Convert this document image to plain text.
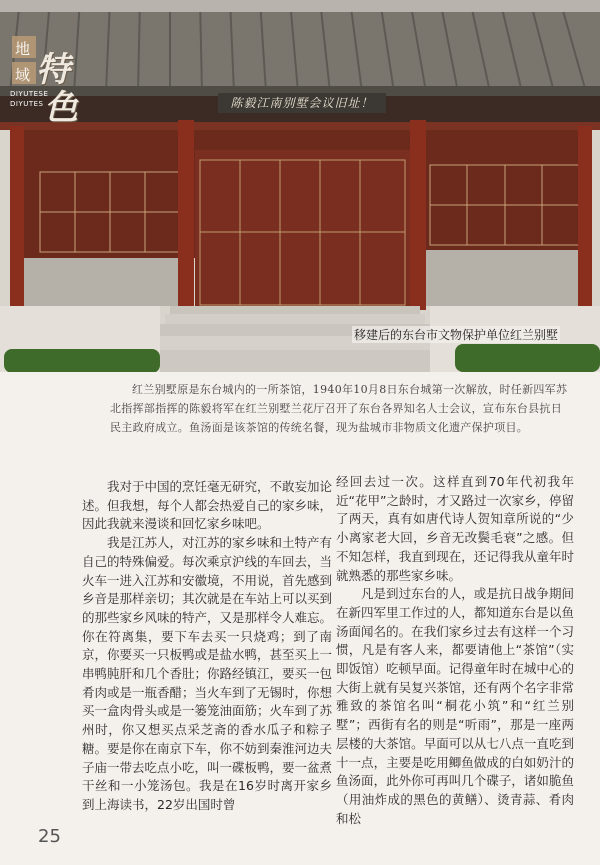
地
域 特
色
DIYUTESE
DIYUTES	陈毅江南别墅会议旧址！
移建后的东台市文物保护单位红兰别墅
红兰别墅原是东台城内的一所茶馆，1940年10月8日东台城第一次解放，时任新四军苏北指挥部指挥的陈毅将军在红兰别墅兰花厅召开了东台各界知名人士会议，宣布东台县抗日民主政府成立。鱼汤面是该茶馆的传统名餐，现为盐城市非物质文化遗产保护项目。

我对于中国的烹饪毫无研究，不敢妄加论述。但我想，每个人都会热爱自己的家乡味，因此我就来漫谈和回忆家乡味吧。

我是江苏人，对江苏的家乡味和土特产有自己的特殊偏爱。每次乘京沪线的车回去，当火车一进入江苏和安徽境，不用说，首先感到乡音是那样亲切；其次就是在车站上可以买到的那些家乡风味的特产，又是那样令人难忘。你在符离集，要下车去买一只烧鸡；到了南京，你要买一只板鸭或是盐水鸭，甚至买上一串鸭肫肝和几个香肚；你路经镇江，要买一包肴肉或是一瓶香醋；当火车到了无锡时，你想买一盒肉骨头或是一篓笼油面筋；火车到了苏州时，你又想买点采芝斋的香水瓜子和粽子糖。要是你在南京下车，你不妨到秦淮河边夫子庙一带去吃点小吃，叫一碟板鸭，要一盆煮干丝和一小笼汤包。我是在16岁时离开家乡到上海读书，22岁出国时曾

经回去过一次。这样直到70年代初我年近“花甲”之龄时，才又路过一次家乡，停留了两天，真有如唐代诗人贺知章所说的“少小离家老大回，乡音无改鬓毛衰”之感。但不知怎样，我直到现在，还记得我从童年时就熟悉的那些家乡味。

凡是到过东台的人，或是抗日战争期间在新四军里工作过的人，都知道东台是以鱼汤面闻名的。在我们家乡过去有这样一个习惯，凡是有客人来，都要请他上“茶馆”（实即饭馆）吃顿早面。记得童年时在城中心的大街上就有吴复兴茶馆，还有两个名字非常雅致的茶馆名叫“桐花小筑”和“红兰别墅”；西街有名的则是“听雨”，那是一座两层楼的大茶馆。早面可以从七八点一直吃到十一点，主要是吃用鲫鱼做成的白如奶汁的鱼汤面，此外你可再叫几个碟子，诸如脆鱼（用油炸成的黑色的黄鳝）、烫青蒜、肴肉和松

25
